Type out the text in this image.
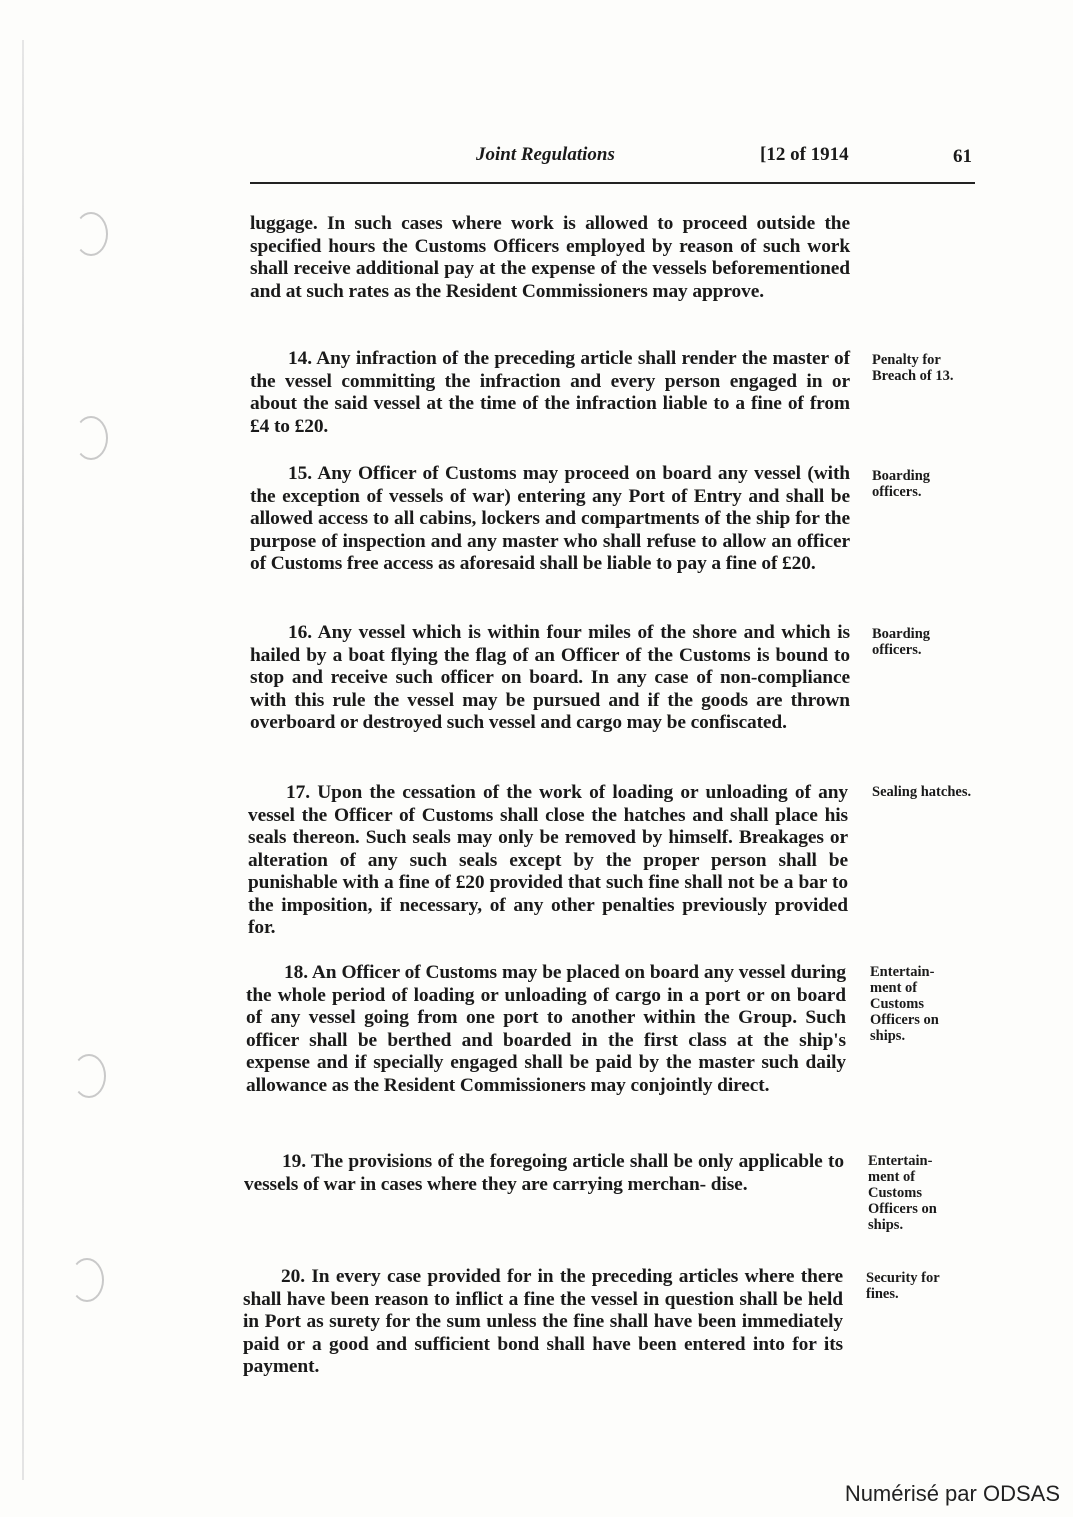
Joint Regulations	[12 of 1914	61

luggage. In such cases where work is allowed to proceed outside the specified hours the Customs Officers employed by reason of such work shall receive additional pay at the expense of the vessels beforementioned and at such rates as the Resident Commissioners may approve.

14. Any infraction of the preceding article shall render the master of the vessel committing the infraction and every person engaged in or about the said vessel at the time of the infraction liable to a fine of from £4 to £20.

Penalty for Breach of 13.

15. Any Officer of Customs may proceed on board any vessel (with the exception of vessels of war) entering any Port of Entry and shall be allowed access to all cabins, lockers and compartments of the ship for the purpose of inspection and any master who shall refuse to allow an officer of Customs free access as aforesaid shall be liable to pay a fine of £20.

Boarding officers.

16. Any vessel which is within four miles of the shore and which is hailed by a boat flying the flag of an Officer of the Customs is bound to stop and receive such officer on board. In any case of non-compliance with this rule the vessel may be pursued and if the goods are thrown overboard or destroyed such vessel and cargo may be confiscated.

Boarding officers.

17. Upon the cessation of the work of loading or unloading of any vessel the Officer of Customs shall close the hatches and shall place his seals thereon. Such seals may only be removed by himself. Breakages or alteration of any such seals except by the proper person shall be punishable with a fine of £20 provided that such fine shall not be a bar to the imposition, if necessary, of any other penalties previously provided for.

Sealing hatches.

18. An Officer of Customs may be placed on board any vessel during the whole period of loading or unloading of cargo in a port or on board of any vessel going from one port to another within the Group. Such officer shall be berthed and boarded in the first class at the ship's expense and if specially engaged shall be paid by the master such daily allowance as the Resident Commissioners may conjointly direct.

Entertain- ment of Customs Officers on ships.

19. The provisions of the foregoing article shall be only applicable to vessels of war in cases where they are carrying merchan- dise.

Entertain- ment of Customs Officers on ships.

20. In every case provided for in the preceding articles where there shall have been reason to inflict a fine the vessel in question shall be held in Port as surety for the sum unless the fine shall have been immediately paid or a good and sufficient bond shall have been entered into for its payment.

Security for fines.

Numérisé par ODSAS
